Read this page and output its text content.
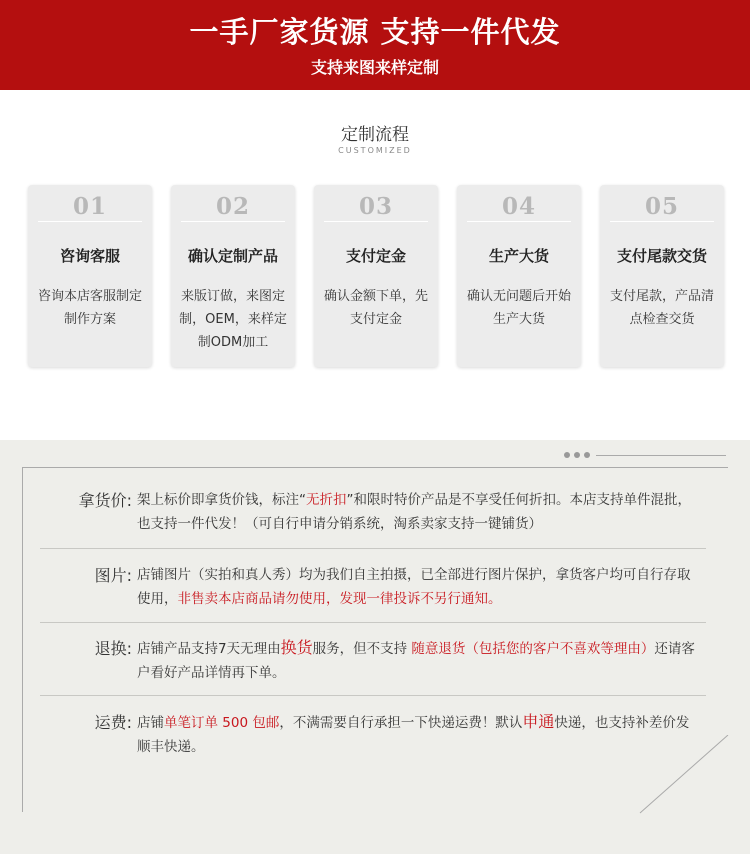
一手厂家货源 支持一件代发
支持来图来样定制
定制流程
CUSTOMIZED
01
咨询客服
咨询本店客服制定制作方案
02
确认定制产品
来版订做，来图定制，OEM，来样定制ODM加工
03
支付定金
确认金额下单，先支付定金
04
生产大货
确认无问题后开始生产大货
05
支付尾款交货
支付尾款，产品清点检查交货
拿货价: 架上标价即拿货价钱，标注“无折扣”和限时特价产品是不享受任何折扣。本店支持单件混批，也支持一件代发！（可自行申请分销系统，淘系卖家支持一键铺货）
图片: 店铺图片（实拍和真人秀）均为我们自主拍摄，已全部进行图片保护，拿货客户均可自行存取使用，非售卖本店商品请勿使用，发现一律投诉不另行通知。
退换: 店铺产品支持7天无理由换货服务，但不支持 随意退货（包括您的客户不喜欢等理由）还请客户看好产品详情再下单。
运费: 店铺单笔订单 500 包邮，不满需要自行承担一下快递运费！默认申通快递，也支持补差价发顺丰快递。
